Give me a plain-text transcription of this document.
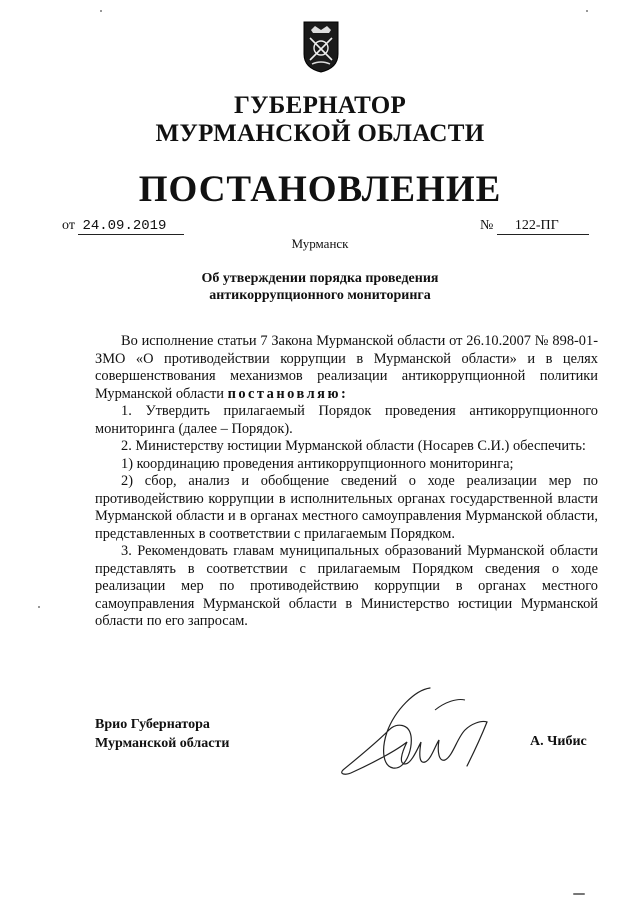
ГУБЕРНАТОР
МУРМАНСКОЙ ОБЛАСТИ
ПОСТАНОВЛЕНИЕ
от 24.09.2019	№ 122-ПГ
Мурманск
Об утверждении порядка проведения
антикоррупционного мониторинга

Во исполнение статьи 7 Закона Мурманской области от 26.10.2007 № 898-01-ЗМО «О противодействии коррупции в Мурманской области» и в целях совершенствования механизмов реализации антикоррупционной политики Мурманской области постановляю:

1. Утвердить прилагаемый Порядок проведения антикоррупционного мониторинга (далее – Порядок).

2. Министерству юстиции Мурманской области (Носарев С.И.) обеспечить:

1) координацию проведения антикоррупционного мониторинга;

2) сбор, анализ и обобщение сведений о ходе реализации мер по противодействию коррупции в исполнительных органах государственной власти Мурманской области и в органах местного самоуправления Мурманской области, представленных в соответствии с прилагаемым Порядком.

3. Рекомендовать главам муниципальных образований Мурманской области представлять в соответствии с прилагаемым Порядком сведения о ходе реализации мер по противодействию коррупции в органах местного самоуправления Мурманской области в Министерство юстиции Мурманской области по его запросам.

Врио Губернатора
Мурманской области	А. Чибис
